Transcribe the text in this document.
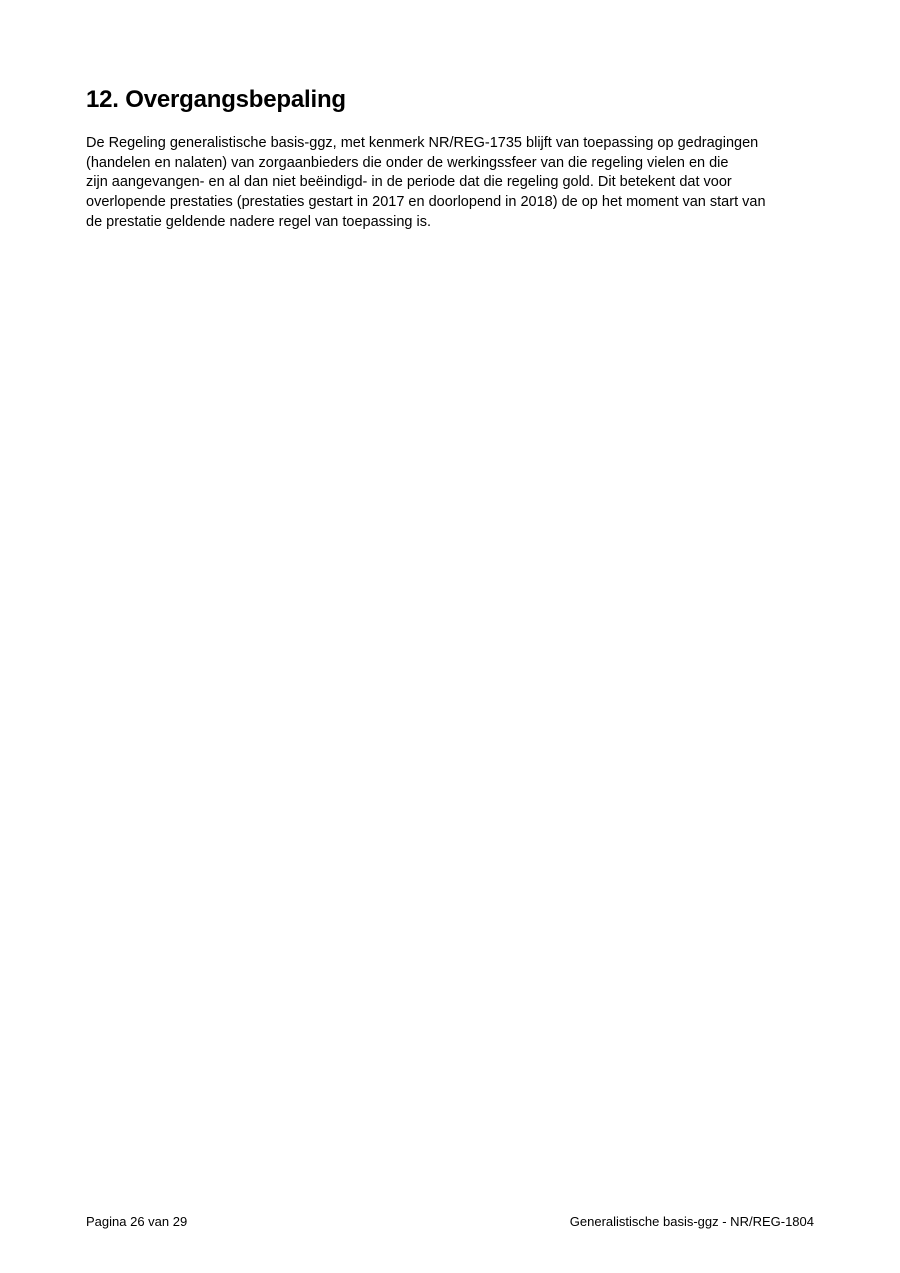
12. Overgangsbepaling

De Regeling generalistische basis-ggz, met kenmerk NR/REG-1735 blijft van toepassing op gedragingen
(handelen en nalaten) van zorgaanbieders die onder de werkingssfeer van die regeling vielen en die
zijn aangevangen- en al dan niet beëindigd- in de periode dat die regeling gold. Dit betekent dat voor
overlopende prestaties (prestaties gestart in 2017 en doorlopend in 2018) de op het moment van start van
de prestatie geldende nadere regel van toepassing is.

Pagina 26 van 29	Generalistische basis-ggz - NR/REG-1804
